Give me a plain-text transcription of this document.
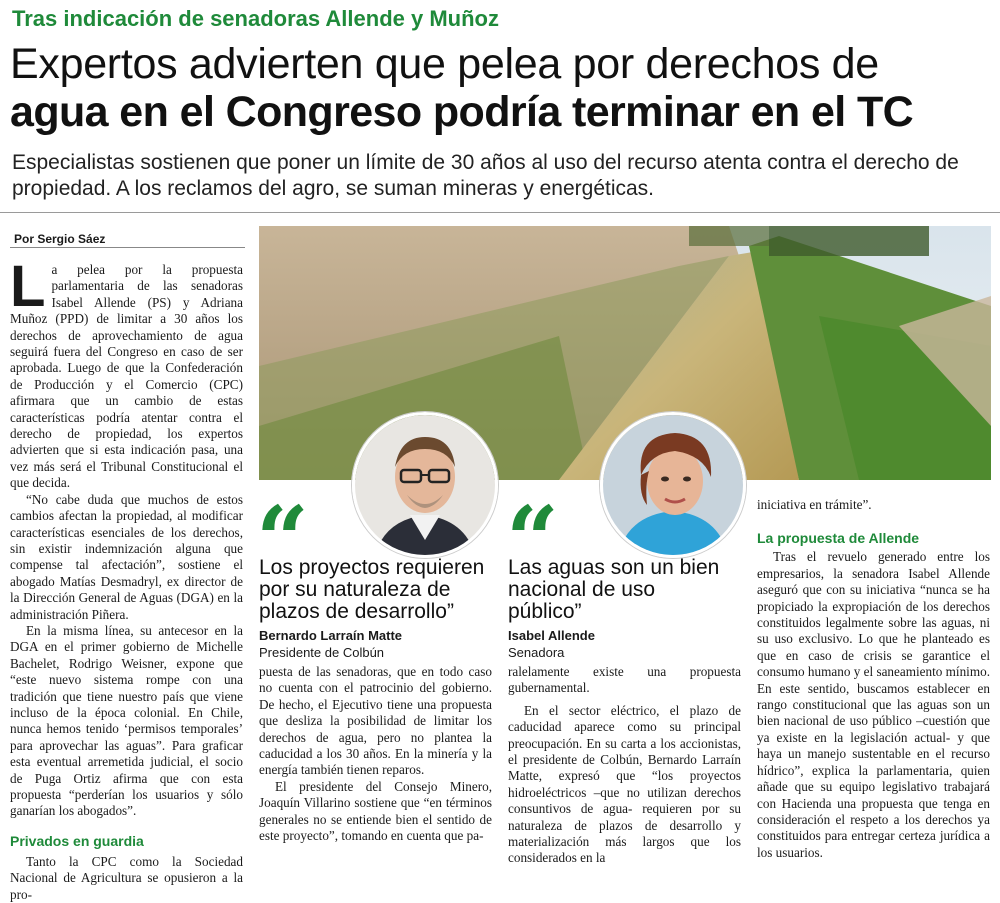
Tras indicación de senadoras Allende y Muñoz
Expertos advierten que pelea por derechos de
agua en el Congreso podría terminar en el TC
Especialistas sostienen que poner un límite de 30 años al uso del recurso atenta contra el derecho de propiedad. A los reclamos del agro, se suman mineras y energéticas.
Por Sergio Sáez

La pelea por la propuesta parlamentaria de las senadoras Isabel Allende (PS) y Adriana Muñoz (PPD) de limitar a 30 años los derechos de aprovechamiento de agua seguirá fuera del Congreso en caso de ser aprobada. Luego de que la Confederación de Producción y el Comercio (CPC) afirmara que un cambio de estas características podría atentar contra el derecho de propiedad, los expertos advierten que si esta indicación pasa, una vez más será el Tribunal Constitucional el que decida.

“No cabe duda que muchos de estos cambios afectan la propiedad, al modificar características esenciales de los derechos, sin existir indemnización alguna que compense tal afectación”, sostiene el abogado Matías Desmadryl, ex director de la Dirección General de Aguas (DGA) en la administración Piñera.

En la misma línea, su antecesor en la DGA en el primer gobierno de Michelle Bachelet, Rodrigo Weisner, expone que “este nuevo sistema rompe con una tradición que tiene nuestro país que viene incluso de la época colonial. En Chile, nunca hemos tenido ‘permisos temporales’ para aprovechar las aguas”. Para graficar esta eventual arremetida judicial, el socio de Puga Ortiz afirma que con esta propuesta “perderían los usuarios y sólo ganarían los abogados”.

Privados en guardia

Tanto la CPC como la Sociedad Nacional de Agricultura se opusieron a la pro-

“
Los proyectos requieren por su naturaleza de plazos de desarrollo”
Bernardo Larraín Matte
Presidente de Colbún
“
Las aguas son un bien nacional de uso público”
Isabel Allende
Senadora

puesta de las senadoras, que en todo caso no cuenta con el patrocinio del gobierno. De hecho, el Ejecutivo tiene una propuesta que desliza la posibilidad de limitar los derechos de agua, pero no plantea la caducidad a los 30 años. En la minería y la energía también tienen reparos.

El presidente del Consejo Minero, Joaquín Villarino sostiene que “en términos generales no se entiende bien el sentido de este proyecto”, tomando en cuenta que pa-

ralelamente existe una propuesta gubernamental.

En el sector eléctrico, el plazo de caducidad aparece como su principal preocupación. En su carta a los accionistas, el presidente de Colbún, Bernardo Larraín Matte, expresó que “los proyectos hidroeléctricos –que no utilizan derechos consuntivos de agua- requieren por su naturaleza de plazos de desarrollo y materialización más largos que los considerados en la

iniciativa en trámite”.

La propuesta de Allende

Tras el revuelo generado entre los empresarios, la senadora Isabel Allende aseguró que con su iniciativa “nunca se ha propiciado la expropiación de los derechos constituidos legalmente sobre las aguas, ni su uso exclusivo. Lo que he planteado es que en caso de crisis se garantice el consumo humano y el saneamiento mínimo. En este sentido, buscamos establecer en rango constitucional que las aguas son un bien nacional de uso público –cuestión que ya existe en la legislación actual- y que haya un manejo sustentable en el recurso hídrico”, explica la parlamentaria, quien añade que su equipo legislativo trabajará con Hacienda una propuesta que tenga en consideración el respeto a los derechos ya constituidos para entregar certeza jurídica a los usuarios.
